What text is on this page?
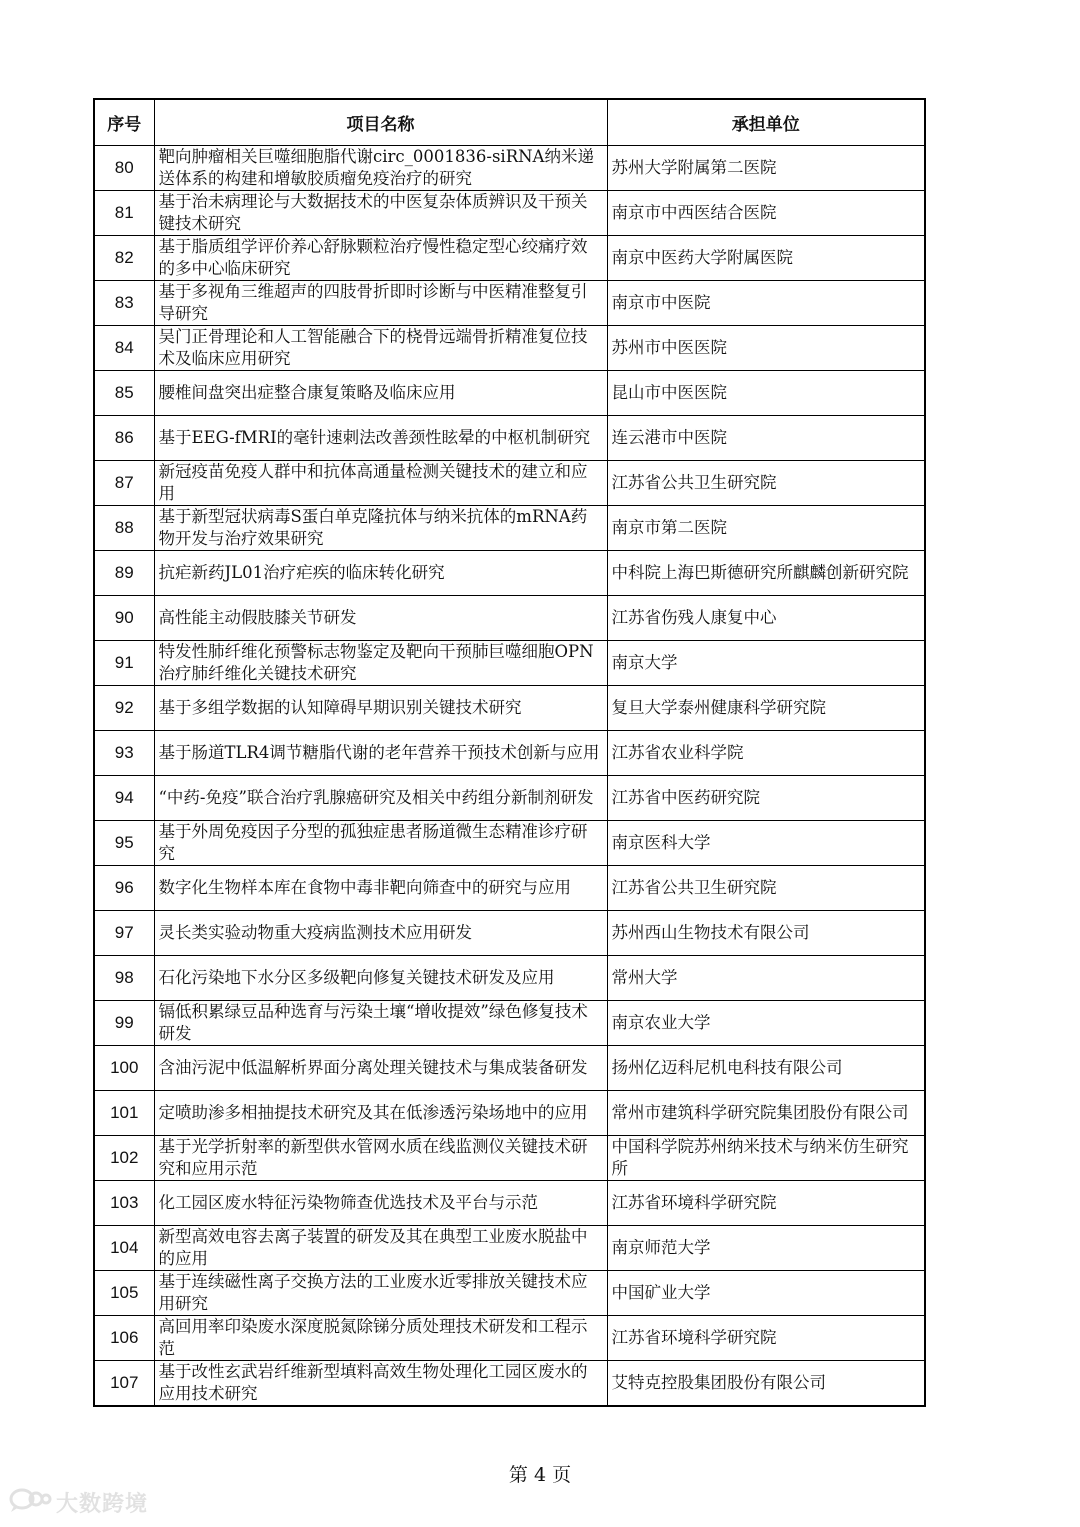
序号	项目名称	承担单位
80	靶向肿瘤相关巨噬细胞脂代谢circ_0001836-siRNA纳米递送体系的构建和增敏胶质瘤免疫治疗的研究	苏州大学附属第二医院
81	基于治未病理论与大数据技术的中医复杂体质辨识及干预关键技术研究	南京市中西医结合医院
82	基于脂质组学评价养心舒脉颗粒治疗慢性稳定型心绞痛疗效的多中心临床研究	南京中医药大学附属医院
83	基于多视角三维超声的四肢骨折即时诊断与中医精准整复引导研究	南京市中医院
84	吴门正骨理论和人工智能融合下的桡骨远端骨折精准复位技术及临床应用研究	苏州市中医医院
85	腰椎间盘突出症整合康复策略及临床应用	昆山市中医医院
86	基于EEG-fMRI的毫针速刺法改善颈性眩晕的中枢机制研究	连云港市中医院
87	新冠疫苗免疫人群中和抗体高通量检测关键技术的建立和应用	江苏省公共卫生研究院
88	基于新型冠状病毒S蛋白单克隆抗体与纳米抗体的mRNA药物开发与治疗效果研究	南京市第二医院
89	抗疟新药JL01治疗疟疾的临床转化研究	中科院上海巴斯德研究所麒麟创新研究院
90	高性能主动假肢膝关节研发	江苏省伤残人康复中心
91	特发性肺纤维化预警标志物鉴定及靶向干预肺巨噬细胞OPN治疗肺纤维化关键技术研究	南京大学
92	基于多组学数据的认知障碍早期识别关键技术研究	复旦大学泰州健康科学研究院
93	基于肠道TLR4调节糖脂代谢的老年营养干预技术创新与应用	江苏省农业科学院
94	“中药-免疫”联合治疗乳腺癌研究及相关中药组分新制剂研发	江苏省中医药研究院
95	基于外周免疫因子分型的孤独症患者肠道微生态精准诊疗研究	南京医科大学
96	数字化生物样本库在食物中毒非靶向筛查中的研究与应用	江苏省公共卫生研究院
97	灵长类实验动物重大疫病监测技术应用研发	苏州西山生物技术有限公司
98	石化污染地下水分区多级靶向修复关键技术研发及应用	常州大学
99	镉低积累绿豆品种选育与污染土壤“增收提效”绿色修复技术研发	南京农业大学
100	含油污泥中低温解析界面分离处理关键技术与集成装备研发	扬州亿迈科尼机电科技有限公司
101	定喷助渗多相抽提技术研究及其在低渗透污染场地中的应用	常州市建筑科学研究院集团股份有限公司
102	基于光学折射率的新型供水管网水质在线监测仪关键技术研究和应用示范	中国科学院苏州纳米技术与纳米仿生研究所
103	化工园区废水特征污染物筛查优选技术及平台与示范	江苏省环境科学研究院
104	新型高效电容去离子装置的研发及其在典型工业废水脱盐中的应用	南京师范大学
105	基于连续磁性离子交换方法的工业废水近零排放关键技术应用研究	中国矿业大学
106	高回用率印染废水深度脱氮除锑分质处理技术研发和工程示范	江苏省环境科学研究院
107	基于改性玄武岩纤维新型填料高效生物处理化工园区废水的应用技术研究	艾特克控股集团股份有限公司
第 4 页
大数跨境
